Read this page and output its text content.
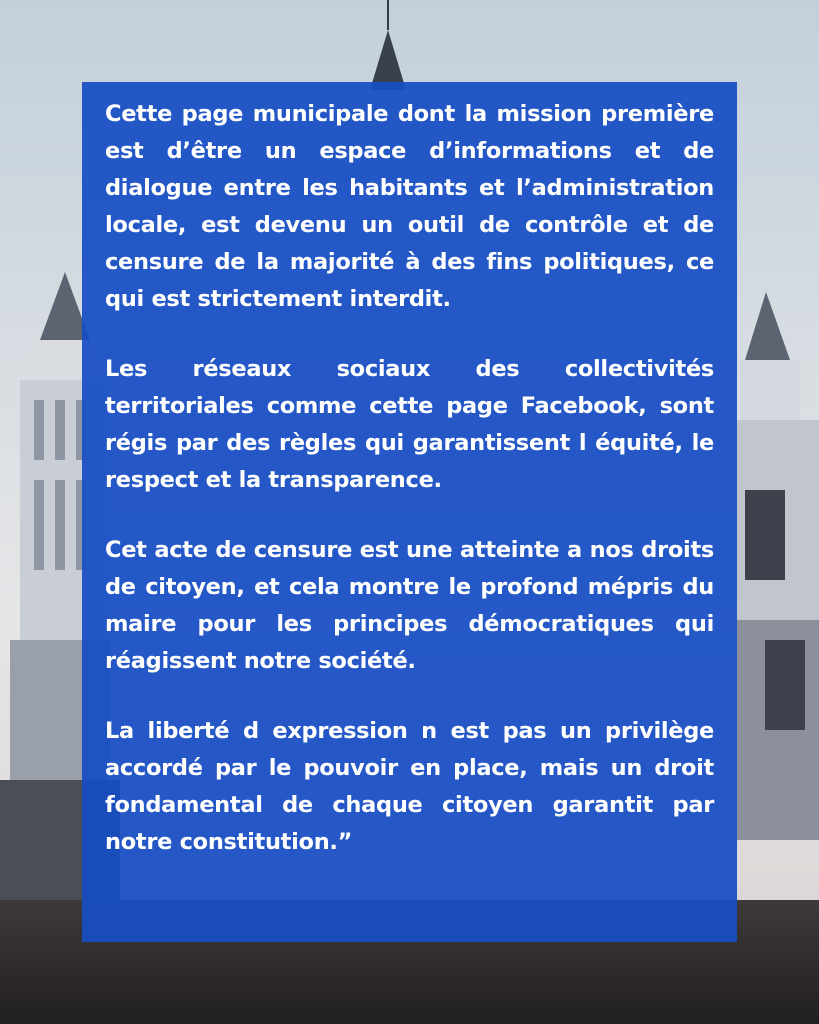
Cette page municipale dont la mission première est d’être un espace d’informations et de dialogue entre les habitants et l’administration locale, est devenu un outil de contrôle et de censure de la majorité à des fins politiques, ce qui est strictement interdit.

Les réseaux sociaux des collectivités territoriales comme cette page Facebook, sont régis par des règles qui garantissent l équité, le respect et la transparence.

Cet acte de censure est une atteinte a nos droits de citoyen, et cela montre le profond mépris du maire pour les principes démocratiques qui réagissent notre société.

La liberté d expression n est pas un privilège accordé par le pouvoir en place, mais un droit fondamental de chaque citoyen garantit par notre constitution.”
